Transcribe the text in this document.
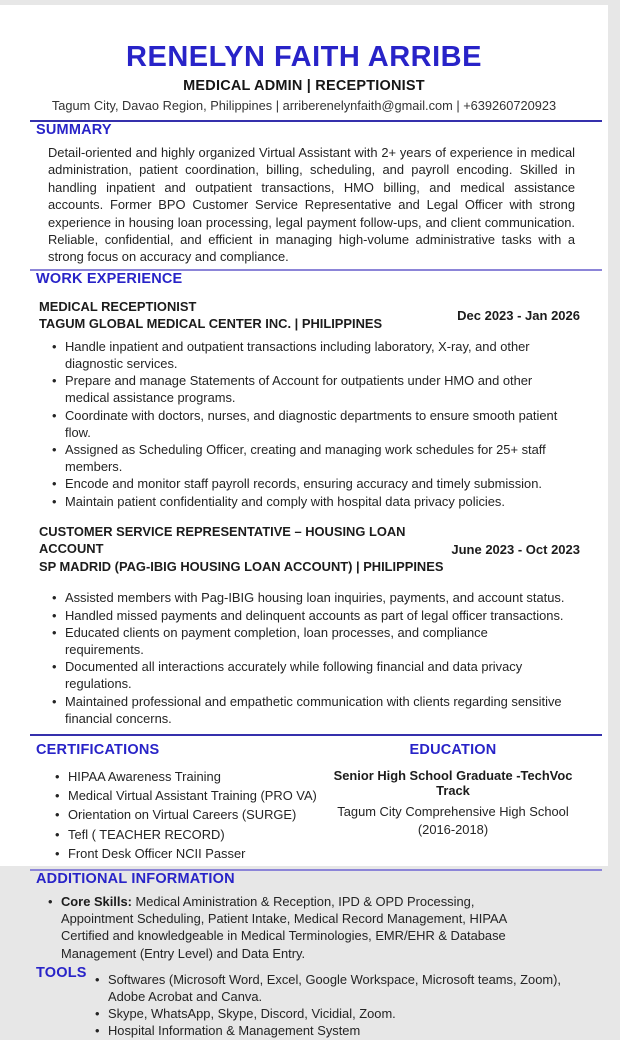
RENELYN FAITH ARRIBE
MEDICAL ADMIN | RECEPTIONIST
Tagum City, Davao Region, Philippines | arriberenelynfaith@gmail.com | +639260720923
SUMMARY

Detail-oriented and highly organized Virtual Assistant with 2+ years of experience in medical administration, patient coordination, billing, scheduling, and payroll encoding. Skilled in handling inpatient and outpatient transactions, HMO billing, and medical assistance accounts. Former BPO Customer Service Representative and Legal Officer with strong experience in housing loan processing, legal payment follow-ups, and client communication. Reliable, confidential, and efficient in managing high-volume administrative tasks with a strong focus on accuracy and compliance.

WORK EXPERIENCE
MEDICAL RECEPTIONIST
TAGUM GLOBAL MEDICAL CENTER INC. | PHILIPPINES
Dec 2023 - Jan 2026
• Handle inpatient and outpatient transactions including laboratory, X-ray, and other diagnostic services.
• Prepare and manage Statements of Account for outpatients under HMO and other medical assistance programs.
• Coordinate with doctors, nurses, and diagnostic departments to ensure smooth patient flow.
• Assigned as Scheduling Officer, creating and managing work schedules for 25+ staff members.
• Encode and monitor staff payroll records, ensuring accuracy and timely submission.
• Maintain patient confidentiality and comply with hospital data privacy policies.
CUSTOMER SERVICE REPRESENTATIVE – HOUSING LOAN ACCOUNT
SP MADRID (PAG-IBIG HOUSING LOAN ACCOUNT) | PHILIPPINES
June 2023 - Oct 2023
• Assisted members with Pag-IBIG housing loan inquiries, payments, and account status.
• Handled missed payments and delinquent accounts as part of legal officer transactions.
• Educated clients on payment completion, loan processes, and compliance requirements.
• Documented all interactions accurately while following financial and data privacy regulations.
• Maintained professional and empathetic communication with clients regarding sensitive financial concerns.
CERTIFICATIONS
• HIPAA Awareness Training
• Medical Virtual Assistant Training (PRO VA)
• Orientation on Virtual Careers (SURGE)
• Tefl ( TEACHER RECORD)
• Front Desk Officer NCII Passer
EDUCATION
Senior High School Graduate -TechVoc Track
Tagum City Comprehensive High School
(2016-2018)
ADDITIONAL INFORMATION
• Core Skills: Medical Aministration & Reception, IPD & OPD Processing, Appointment Scheduling, Patient Intake, Medical Record Management, HIPAA Certified and knowledgeable in Medical Terminologies, EMR/EHR & Database Management (Entry Level) and Data Entry.
TOOLS • Softwares (Microsoft Word, Excel, Google Workspace, Microsoft teams, Zoom), Adobe Acrobat and Canva.
• Skype, WhatsApp, Skype, Discord, Vicidial, Zoom.
• Hospital Information & Management System
